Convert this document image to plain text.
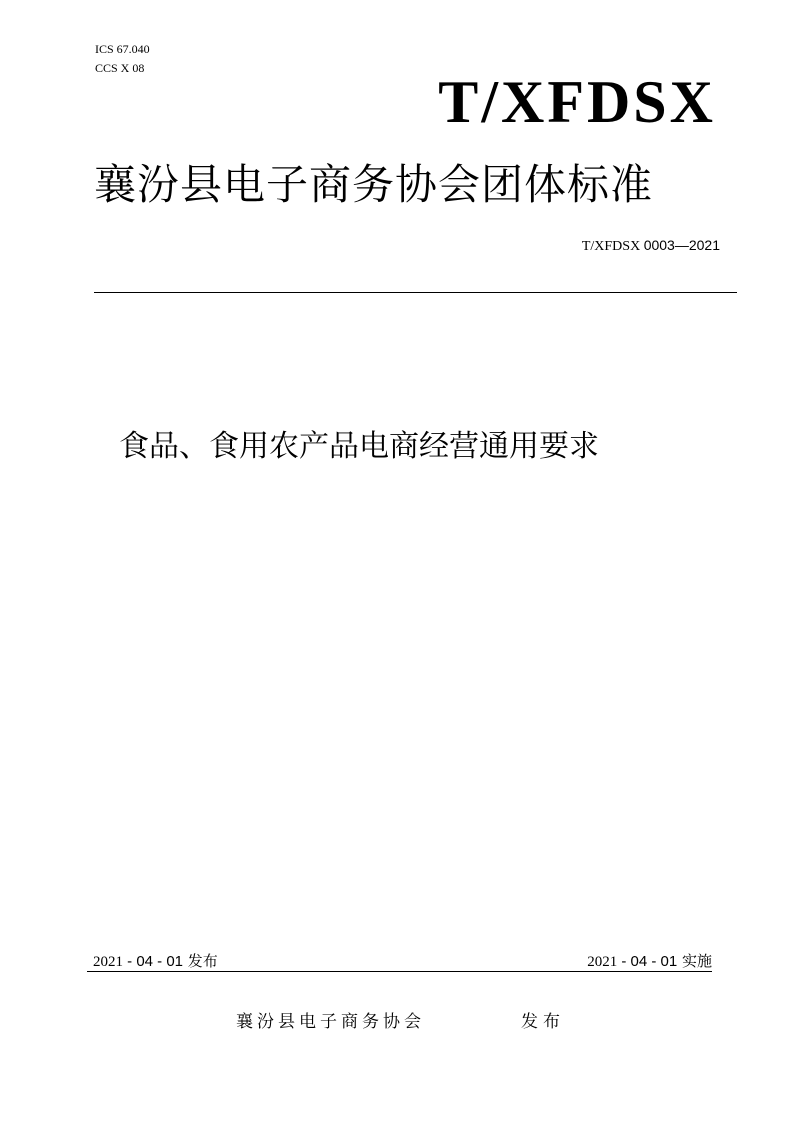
ICS 67.040
CCS X 08
T/XFDSX
襄汾县电子商务协会团体标准
T/XFDSX 0003—2021
食品、食用农产品电商经营通用要求
2021 - 04 - 01 发布	2021 - 04 - 01 实施
襄汾县电子商务协会	发布
